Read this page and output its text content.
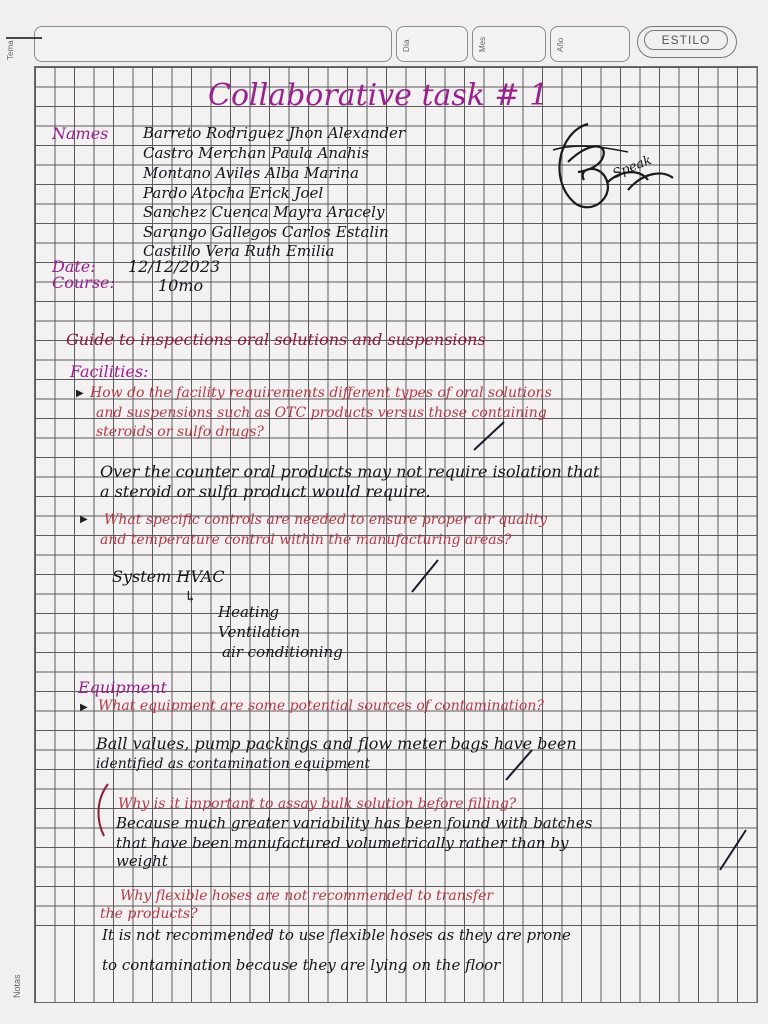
Tema	Día	Mes	Año	ESTILO
Notas
Collaborative task # 1
Names Barreto Rodriguez Jhon Alexander
Castro Merchan Paula Anahis
Montano Aviles Alba Marina
Pardo Atocha Erick Joel
Sanchez Cuenca Mayra Aracely
Sarango Gallegos Carlos Estalin
Castillo Vera Ruth Emilia
Date: 12/12/2023
Course:	10mo
Speak
Guide to inspections oral solutions and suspensions
Facilities:
▶ How do the facility requirements different types of oral solutions
and suspensions such as OTC products versus those containing
steroids or sulfo drugs?
Over the counter oral products may not require isolation that
a steroid or sulfa product would require.
▶ What specific controls are needed to ensure proper air quality
and temperature control within the manufacturing areas?
System HVAC
↳
Heating
Ventilation
air conditioning
Equipment
▶ What equipment are some potential sources of contamination?
Ball values, pump packings and flow meter bags have been
identified as contamination equipment
Why is it important to assay bulk solution before filling?
Because much greater variability has been found with batches
that have been manufactured volumetrically rather than by
weight
Why flexible hoses are not recommended to transfer
the products?
It is not recommended to use flexible hoses as they are prone
to contamination because they are lying on the floor
